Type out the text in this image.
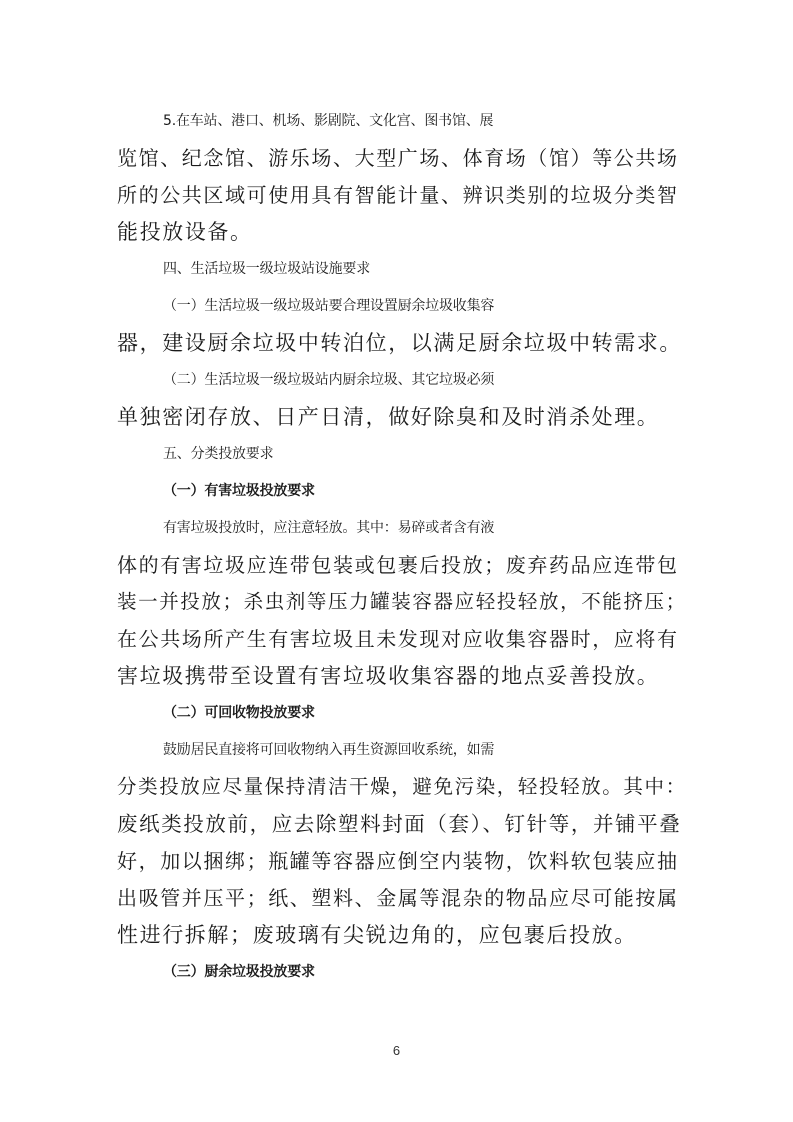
5.在车站、港口、机场、影剧院、文化宫、图书馆、展
览馆、纪念馆、游乐场、大型广场、体育场（馆）等公共场
所的公共区域可使用具有智能计量、辨识类别的垃圾分类智
能投放设备。
四、生活垃圾一级垃圾站设施要求
（一）生活垃圾一级垃圾站要合理设置厨余垃圾收集容
器，建设厨余垃圾中转泊位，以满足厨余垃圾中转需求。
（二）生活垃圾一级垃圾站内厨余垃圾、其它垃圾必须
单独密闭存放、日产日清，做好除臭和及时消杀处理。
五、分类投放要求
（一）有害垃圾投放要求
有害垃圾投放时，应注意轻放。其中：易碎或者含有液
体的有害垃圾应连带包装或包裹后投放；废弃药品应连带包
装一并投放；杀虫剂等压力罐装容器应轻投轻放，不能挤压；
在公共场所产生有害垃圾且未发现对应收集容器时，应将有
害垃圾携带至设置有害垃圾收集容器的地点妥善投放。
（二）可回收物投放要求
鼓励居民直接将可回收物纳入再生资源回收系统，如需
分类投放应尽量保持清洁干燥，避免污染，轻投轻放。其中：
废纸类投放前，应去除塑料封面（套）、钉针等，并铺平叠
好，加以捆绑；瓶罐等容器应倒空内装物，饮料软包装应抽
出吸管并压平；纸、塑料、金属等混杂的物品应尽可能按属
性进行拆解；废玻璃有尖锐边角的，应包裹后投放。
（三）厨余垃圾投放要求
6
